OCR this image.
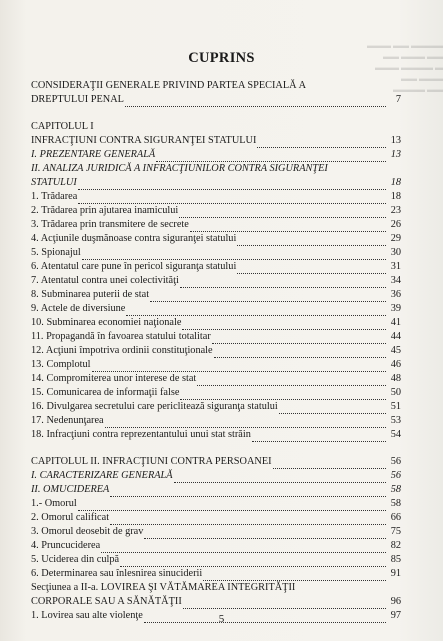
▬▬▬ ▬▬ ▬▬▬▬
▬▬ ▬▬▬ ▬▬
▬▬▬ ▬▬▬▬ ▬
▬▬ ▬▬▬
▬▬▬▬ ▬▬
CUPRINS
CONSIDERAŢII GENERALE PRIVIND PARTEA SPECIALĂ A
DREPTULUI PENAL	7
CAPITOLUL I
INFRACŢIUNI CONTRA SIGURANŢEI STATULUI	13
I. PREZENTARE GENERALĂ	13
II. ANALIZA JURIDICĂ A INFRACŢIUNILOR CONTRA SIGURANŢEI
STATULUI	18
1. Trădarea	18
2. Trădarea prin ajutarea inamicului	23
3. Trădarea prin transmitere de secrete	26
4. Acţiunile duşmănoase contra siguranţei statului	29
5. Spionajul	30
6. Atentatul care pune în pericol siguranţa statului	31
7. Atentatul contra unei colectivităţi	34
8. Subminarea puterii de stat	36
9. Actele de diversiune	39
10. Subminarea economiei naţionale	41
11. Propagandă în favoarea statului totalitar	44
12. Acţiuni împotriva ordinii constituţionale	45
13. Complotul	46
14. Compromiterea unor interese de stat	48
15. Comunicarea de informaţii false	50
16. Divulgarea secretului care periclitează siguranţa statului	51
17. Nedenunţarea	53
18. Infracţiuni contra reprezentantului unui stat străin	54
CAPITOLUL II. INFRACŢIUNI CONTRA PERSOANEI	56
I. CARACTERIZARE GENERALĂ	56
II. OMUCIDEREA	58
1.- Omorul	58
2. Omorul calificat	66
3. Omorul deosebit de grav	75
4. Pruncuciderea	82
5. Uciderea din culpă	85
6. Determinarea sau înlesnirea sinuciderii	91
Secţiunea a II-a. LOVIREA ŞI VĂTĂMAREA INTEGRITĂŢII
CORPORALE SAU A SĂNĂTĂŢII	96
1. Lovirea sau alte violenţe	97
5
